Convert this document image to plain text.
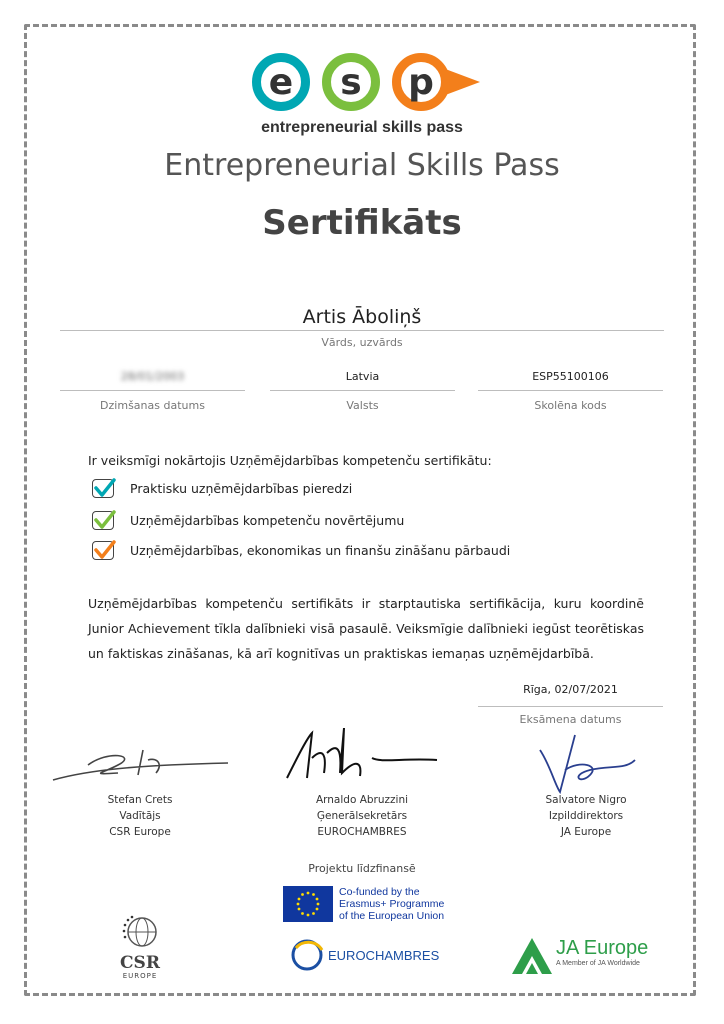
e	s	p
entrepreneurial skills pass
Entrepreneurial Skills Pass
Sertifikāts
Artis Āboliņš
Vārds, uzvārds
28/01/2003
Dzimšanas datums
Latvia
Valsts
ESP55100106
Skolēna kods
Ir veiksmīgi nokārtojis Uzņēmējdarbības kompetenču sertifikātu:
Praktisku uzņēmējdarbības pieredzi
Uzņēmējdarbības kompetenču novērtējumu
Uzņēmējdarbības, ekonomikas un finanšu zināšanu pārbaudi
Uzņēmējdarbības kompetenču sertifikāts ir starptautiska sertifikācija, kuru koordinē Junior Achievement tīkla dalībnieki visā pasaulē. Veiksmīgie dalībnieki iegūst teorētiskas un faktiskas zināšanas, kā arī kognitīvas un praktiskas iemaņas uzņēmējdarbībā.
Rīga, 02/07/2021
Eksāmena datums
Stefan Crets
Vadītājs
CSR Europe
Arnaldo Abruzzini
Ģenerālsekretārs
EUROCHAMBRES
Salvatore Nigro
Izpilddirektors
JA Europe
Projektu līdzfinansē
Co-funded by the
Erasmus+ Programme
of the European Union
CSR
EUROPE
EUROCHAMBRES	JA Europe
A Member of JA Worldwide
